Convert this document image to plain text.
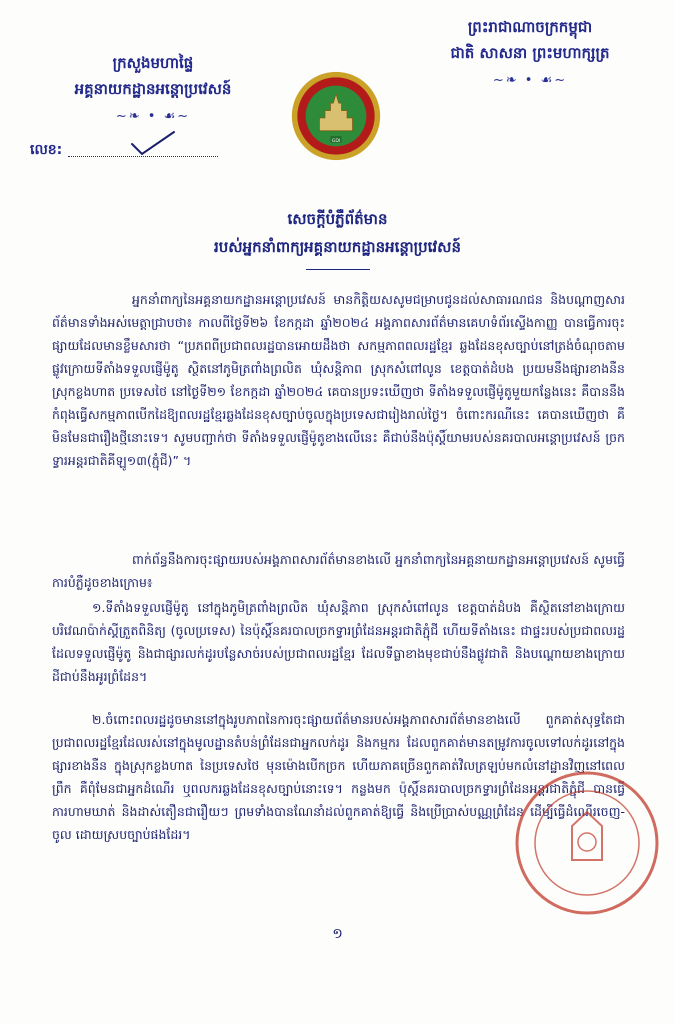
ក្រសួងមហាផ្ទៃ
អគ្គនាយកដ្ឋានអន្តោប្រវេសន៍
~❧ • ☙~
លេខ:
ព្រះរាជាណាចក្រកម្ពុជា
ជាតិ សាសនា ព្រះមហាក្សត្រ
~❧ • ☙~
GDI
សេចក្តីបំភ្លឺព័ត៌មាន
របស់អ្នកនាំពាក្យអគ្គនាយកដ្ឋានអន្តោប្រវេសន៍

អ្នកនាំពាក្យនៃអគ្គនាយកដ្ឋានអន្តោប្រវេសន៍ មានកិត្តិយសសូមជម្រាបជូនដល់សាធារណជន និងបណ្តាញសារព័ត៌មានទាំងអស់មេត្តាជ្រាបថា៖ កាលពីថ្ងៃទី២៦ ខែកក្កដា ឆ្នាំ២០២៤ អង្គភាពសារព័ត៌មានគេហទំព័រស្ទើងកាញ្ញ បានធ្វើការចុះផ្សាយដែលមានខ្លឹមសារថា “ប្រភពពីប្រជាពលរដ្ឋបានអោយដឹងថា សកម្មភាពពលរដ្ឋខ្មែរ ឆ្លងដែនខុសច្បាប់នៅត្រង់ចំណុចតាមផ្លូវក្រោយទីតាំងទទួលផ្ញើម៉ូតូ ស្ថិតនៅភូមិត្រពាំងព្រលិត ឃុំសន្តិភាព ស្រុកសំពៅលូន ខេត្តបាត់ដំបង ប្រយមនឹងផ្សារខាងនឺន ស្រុកខ្លងហាត ប្រទេសថៃ នៅថ្ងៃទី២១ ខែកក្កដា ឆ្នាំ២០២៤ គេបានប្រទះឃើញថា ទីតាំងទទួលផ្ញើម៉ូតូមួយកន្លែងនេះ គឺបាននឹងកំពុងធ្វើសកម្មភាពបើកដៃឱ្យពលរដ្ឋខ្មែរឆ្លងដែនខុសច្បាប់ចូលក្នុងប្រទេសជារៀងរាល់ថ្ងៃ។ ចំពោះករណីនេះ គេបានឃើញថា គឺមិនមែនជារឿងថ្មីនោះទេ។ សូមបញ្ជាក់ថា ទីតាំងទទួលផ្ញើម៉ូតូខាងលើនេះ គឺជាប់នឹងប៉ុស្តិ៍យាមរបស់នគរបាលអន្តោប្រវេសន៍ ច្រកទ្វារអន្តរជាតិគីឡូ១៣(ភ្ជុំជី)” ។

ពាក់ព័ន្ធនឹងការចុះផ្សាយរបស់អង្គភាពសារព័ត៌មានខាងលើ អ្នកនាំពាក្យនៃអគ្គនាយកដ្ឋានអន្តោប្រវេសន៍ សូមធ្វើការបំភ្លឺដូចខាងក្រោម៖

១.ទីតាំងទទួលផ្ញើម៉ូតូ នៅក្នុងភូមិត្រពាំងព្រលិត ឃុំសន្តិភាព ស្រុកសំពៅលូន ខេត្តបាត់ដំបង គឺស្ថិតនៅខាងក្រោយបរិវេណប៉ាក់ស្តីត្រួតពិនិត្យ (ចូលប្រទេស) នៃប៉ុស្តិ៍នគរបាលច្រកទ្វារព្រំដែនអន្តរជាតិភ្ជុំជី ហើយទីតាំងនេះ ជាផ្ទះរបស់ប្រជាពលរដ្ឋដែលទទួលផ្ញើម៉ូតូ និងជាផ្សារលក់ដូរបន្លែសាច់របស់ប្រជាពលរដ្ឋខ្មែរ ដែលទីធ្លាខាងមុខជាប់នឹងផ្លូវជាតិ និងបណ្តោយខាងក្រោយដីជាប់នឹងអូរព្រំដែន។

២.ចំពោះពលរដ្ឋដូចមាននៅក្នុងរូបភាពនៃការចុះផ្សាយព័ត៌មានរបស់អង្គភាពសារព័ត៌មានខាងលើ ពួកគាត់សុទ្ធតែជាប្រជាពលរដ្ឋខ្មែរដែលរស់នៅក្នុងមូលដ្ឋានតំបន់ព្រំដែនជាអ្នកលក់ដូរ និងកម្មករ ដែលពួកគាត់មានតម្រូវការចូលទៅលក់ដូរនៅក្នុងផ្សារខាងនឺន ក្នុងស្រុកខ្លងហាត នៃប្រទេសថៃ មុនម៉ោងបើកច្រក ហើយភាគច្រើនពួកគាត់វិលត្រឡប់មកលំនៅដ្ឋានវិញនៅពេលព្រឹក គឺពុំមែនជាអ្នកដំណើរ ឬពលករឆ្លងដែនខុសច្បាប់នោះទេ។ កន្លងមក ប៉ុស្តិ៍នគរបាលច្រកទ្វារព្រំដែនអន្តរជាតិភ្ជុំជី បានធ្វើការហាមឃាត់ និងដាស់តឿនជារឿយៗ ព្រមទាំងបានណែនាំដល់ពួកគាត់ឱ្យធ្វើ និងប្រើប្រាស់បណ្ណព្រំដែន ដើម្បីធ្វើដំណើរចេញ-ចូល ដោយស្របច្បាប់ផងដែរ។

១
